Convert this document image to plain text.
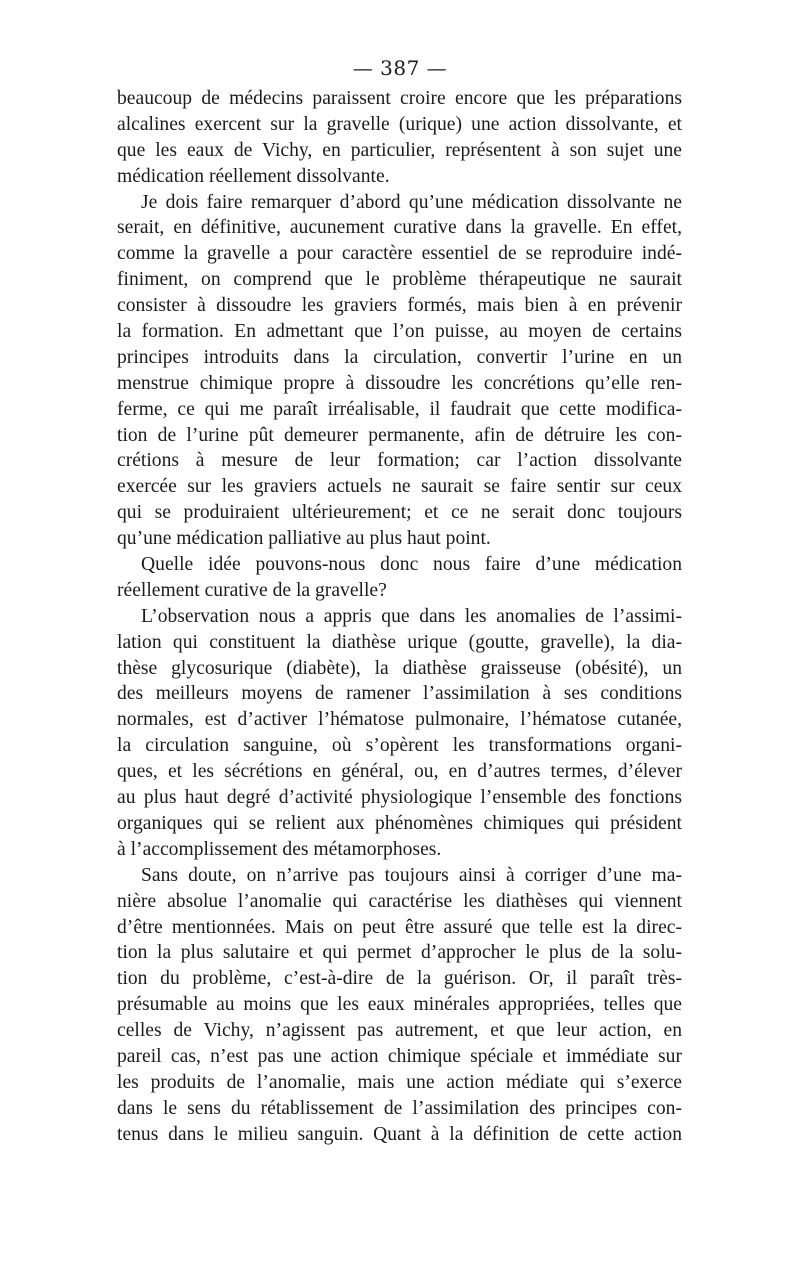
— 387 —
beaucoup de médecins paraissent croire encore que les préparations
alcalines exercent sur la gravelle (urique) une action dissolvante, et
que les eaux de Vichy, en particulier, représentent à son sujet une
médication réellement dissolvante.
Je dois faire remarquer d’abord qu’une médication dissolvante ne
serait, en définitive, aucunement curative dans la gravelle. En effet,
comme la gravelle a pour caractère essentiel de se reproduire indé-
finiment, on comprend que le problème thérapeutique ne saurait
consister à dissoudre les graviers formés, mais bien à en prévenir
la formation. En admettant que l’on puisse, au moyen de certains
principes introduits dans la circulation, convertir l’urine en un
menstrue chimique propre à dissoudre les concrétions qu’elle ren-
ferme, ce qui me paraît irréalisable, il faudrait que cette modifica-
tion de l’urine pût demeurer permanente, afin de détruire les con-
crétions à mesure de leur formation; car l’action dissolvante
exercée sur les graviers actuels ne saurait se faire sentir sur ceux
qui se produiraient ultérieurement; et ce ne serait donc toujours
qu’une médication palliative au plus haut point.
Quelle idée pouvons-nous donc nous faire d’une médication
réellement curative de la gravelle?
L’observation nous a appris que dans les anomalies de l’assimi-
lation qui constituent la diathèse urique (goutte, gravelle), la dia-
thèse glycosurique (diabète), la diathèse graisseuse (obésité), un
des meilleurs moyens de ramener l’assimilation à ses conditions
normales, est d’activer l’hématose pulmonaire, l’hématose cutanée,
la circulation sanguine, où s’opèrent les transformations organi-
ques, et les sécrétions en général, ou, en d’autres termes, d’élever
au plus haut degré d’activité physiologique l’ensemble des fonctions
organiques qui se relient aux phénomènes chimiques qui président
à l’accomplissement des métamorphoses.
Sans doute, on n’arrive pas toujours ainsi à corriger d’une ma-
nière absolue l’anomalie qui caractérise les diathèses qui viennent
d’être mentionnées. Mais on peut être assuré que telle est la direc-
tion la plus salutaire et qui permet d’approcher le plus de la solu-
tion du problème, c’est-à-dire de la guérison. Or, il paraît très-
présumable au moins que les eaux minérales appropriées, telles que
celles de Vichy, n’agissent pas autrement, et que leur action, en
pareil cas, n’est pas une action chimique spéciale et immédiate sur
les produits de l’anomalie, mais une action médiate qui s’exerce
dans le sens du rétablissement de l’assimilation des principes con-
tenus dans le milieu sanguin. Quant à la définition de cette action
